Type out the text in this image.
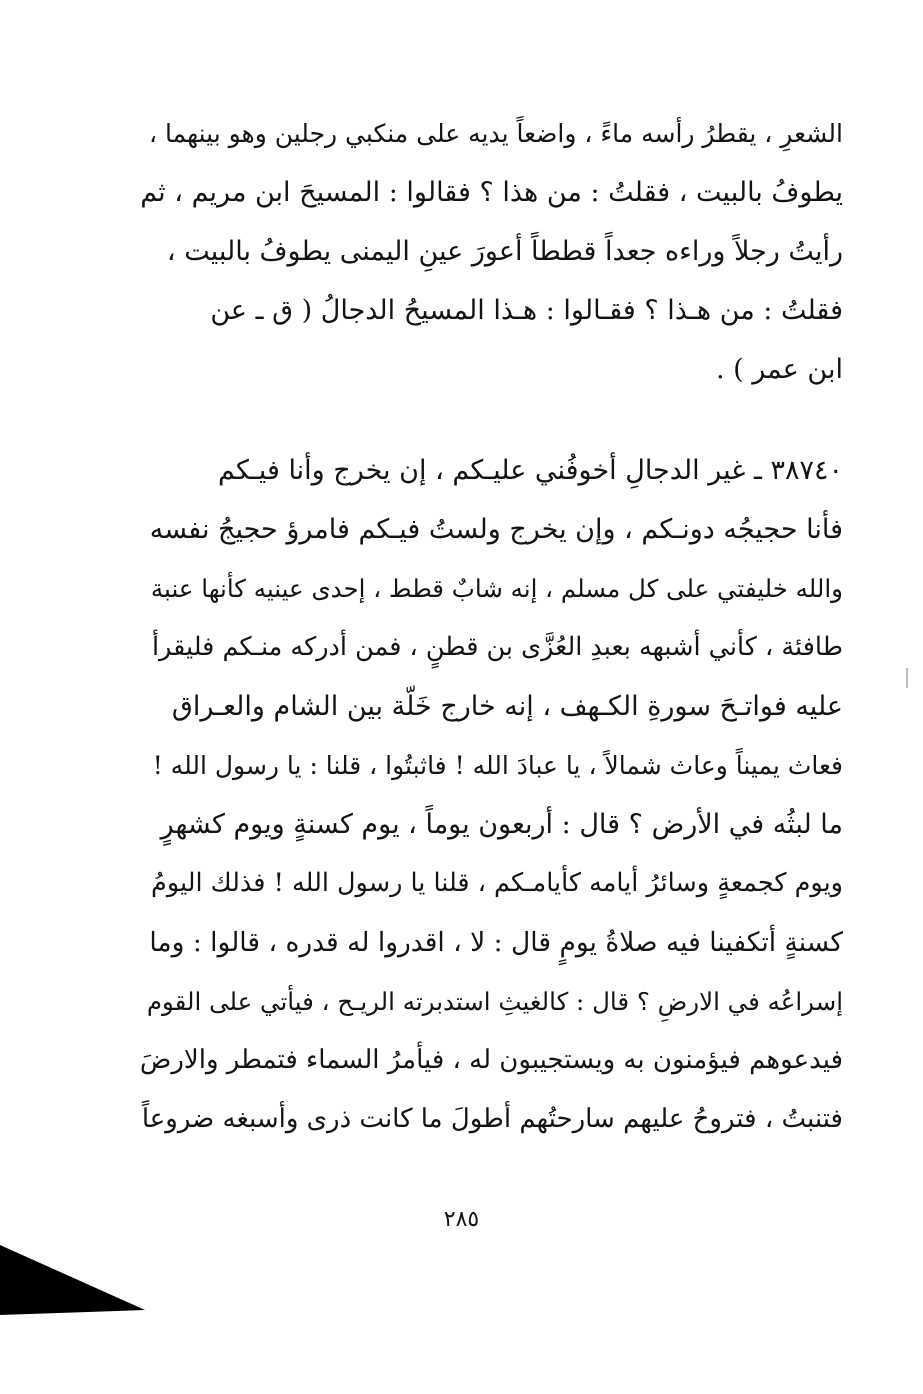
الشعرِ ، يقطرُ رأسه ماءً ، واضعاً يديه على منكبي رجلين وهو بينهما ،
يطوفُ بالبيت ، فقلتُ : من هذا ؟ فقالوا : المسيحَ ابن مريم ، ثم
رأيتُ رجلاً وراءه جعداً قططاً أعورَ عينِ اليمنى يطوفُ بالبيت ،
فقلتُ : من هـذا ؟ فقـالوا : هـذا المسيحُ الدجالُ ( ق ـ عن
ابن عمر ) .
٣٨٧٤٠ ـ غير الدجالِ أخوفُني عليـكم ، إن يخرج وأنا فيـكم
فأنا حجيجُه دونـكم ، وإن يخرج ولستُ فيـكم فامرؤ حجيجُ نفسه
والله خليفتي على كل مسلم ، إنه شابٌ قطط ، إحدى عينيه كأنها عنبة
طافئة ، كأني أشبهه بعبدِ العُزَّى بن قطنٍ ، فمن أدركه منـكم فليقرأ
عليه فواتـحَ سورةِ الكـهف ، إنه خارج خَلّة بين الشام والعـراق
فعاث يميناً وعاث شمالاً ، يا عبادَ الله ! فاثبتُوا ، قلنا : يا رسول الله !
ما لبثُه في الأرض ؟ قال : أربعون يوماً ، يوم كسنةٍ ويوم كشهرٍ
ويوم كجمعةٍ وسائرُ أيامه كأيامـكم ، قلنا يا رسول الله ! فذلك اليومُ
كسنةٍ أتكفينا فيه صلاةُ يومٍ قال : لا ، اقدروا له قدره ، قالوا : وما
إسراعُه في الارضِ ؟ قال : كالغيثِ استدبرته الريـح ، فيأتي على القوم
فيدعوهم فيؤمنون به ويستجيبون له ، فيأمرُ السماء فتمطر والارضَ
فتنبتُ ، فتروحُ عليهم سارحتُهم أطولَ ما كانت ذرى وأسبغه ضروعاً
٢٨٥
